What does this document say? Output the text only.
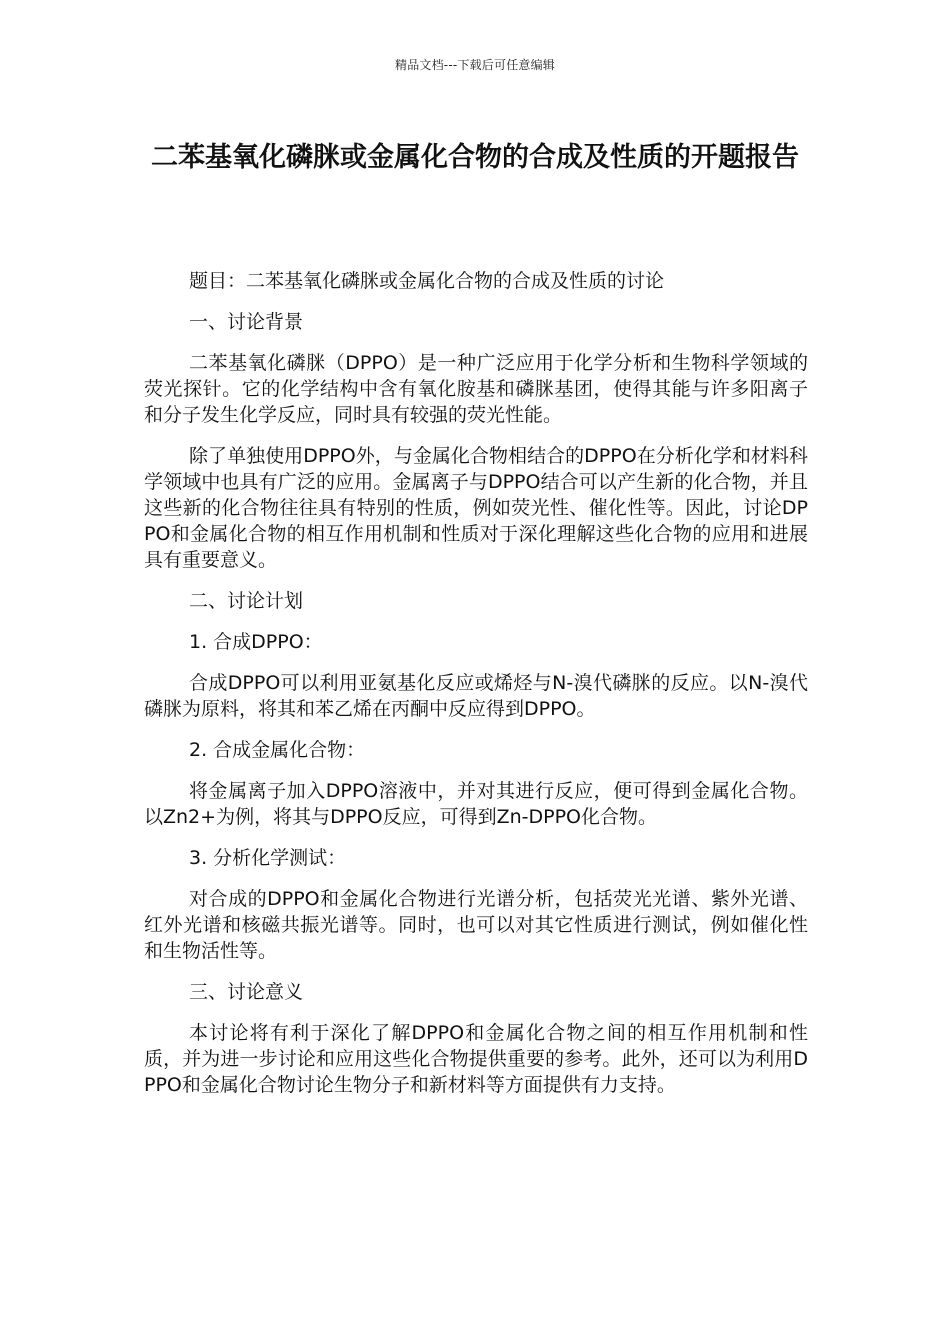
精品文档---下载后可任意编辑
二苯基氧化磷脒或金属化合物的合成及性质的开题报告

题目：二苯基氧化磷脒或金属化合物的合成及性质的讨论

一、讨论背景

二苯基氧化磷脒（DPPO）是一种广泛应用于化学分析和生物科学领域的荧光探针。它的化学结构中含有氧化胺基和磷脒基团，使得其能与许多阳离子和分子发生化学反应，同时具有较强的荧光性能。

除了单独使用DPPO外，与金属化合物相结合的DPPO在分析化学和材料科学领域中也具有广泛的应用。金属离子与DPPO结合可以产生新的化合物，并且这些新的化合物往往具有特别的性质，例如荧光性、催化性等。因此，讨论DPPO和金属化合物的相互作用机制和性质对于深化理解这些化合物的应用和进展具有重要意义。

二、讨论计划

1. 合成DPPO：

合成DPPO可以利用亚氨基化反应或烯烃与N-溴代磷脒的反应。以N-溴代磷脒为原料，将其和苯乙烯在丙酮中反应得到DPPO。

2. 合成金属化合物：

将金属离子加入DPPO溶液中，并对其进行反应，便可得到金属化合物。以Zn2+为例，将其与DPPO反应，可得到Zn-DPPO化合物。

3. 分析化学测试：

对合成的DPPO和金属化合物进行光谱分析，包括荧光光谱、紫外光谱、红外光谱和核磁共振光谱等。同时，也可以对其它性质进行测试，例如催化性和生物活性等。

三、讨论意义

本讨论将有利于深化了解DPPO和金属化合物之间的相互作用机制和性质，并为进一步讨论和应用这些化合物提供重要的参考。此外，还可以为利用DPPO和金属化合物讨论生物分子和新材料等方面提供有力支持。
